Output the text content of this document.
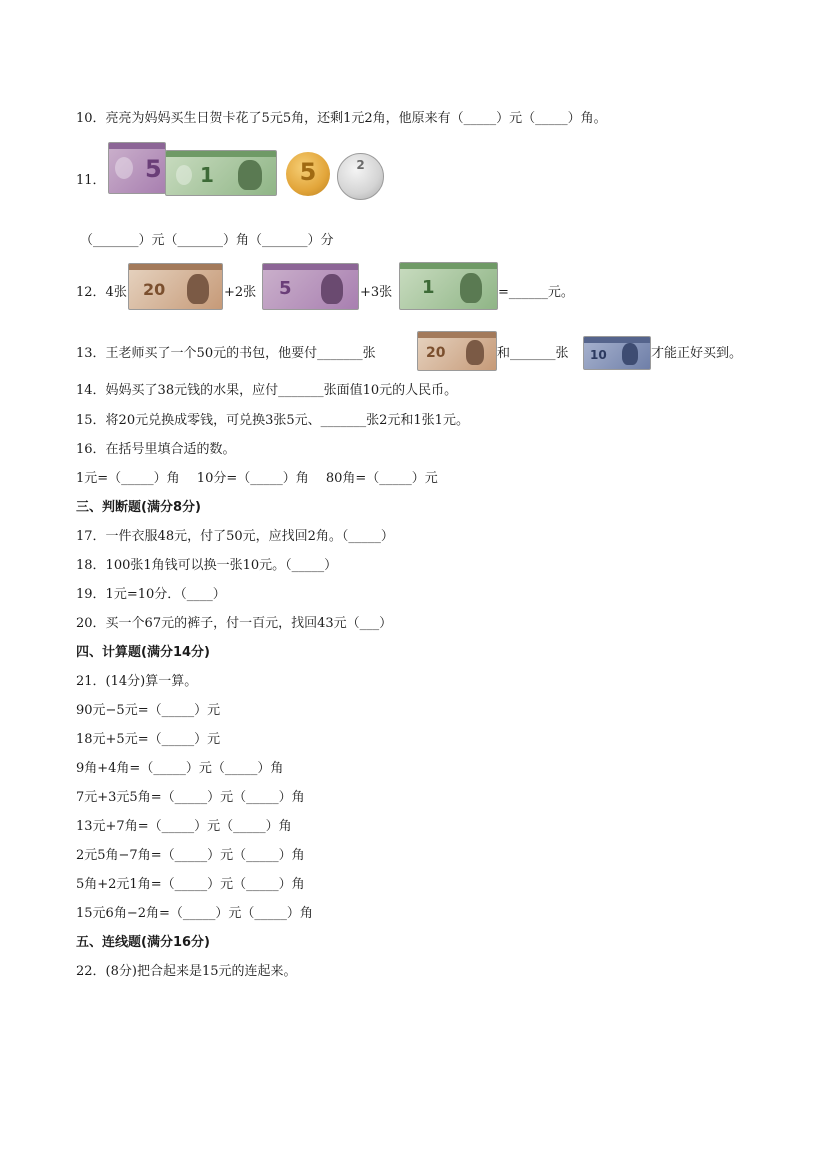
10．亮亮为妈妈买生日贺卡花了5元5角，还剩1元2角，他原来有（_____）元（_____）角。
11． 5 1	5	2
（_______）元（_______）角（_______）分
12．4张 20	+2张 5	+3张 1	=______元。
13．王老师买了一个50元的书包，他要付_______张	20	和_______张 10	才能正好买到。
14．妈妈买了38元钱的水果，应付_______张面值10元的人民币。
15．将20元兑换成零钱，可兑换3张5元、_______张2元和1张1元。
16．在括号里填合适的数。
1元=（_____）角　 10分=（_____）角　 80角=（_____）元
三、判断题(满分8分)
17．一件衣服48元，付了50元，应找回2角。（_____）
18．100张1角钱可以换一张10元。（_____）
19．1元=10分．（____）
20．买一个67元的裤子，付一百元，找回43元（___）
四、计算题(满分14分)
21．(14分)算一算。
90元−5元=（_____）元
18元+5元=（_____）元
9角+4角=（_____）元（_____）角
7元+3元5角=（_____）元（_____）角
13元+7角=（_____）元（_____）角
2元5角−7角=（_____）元（_____）角
5角+2元1角=（_____）元（_____）角
15元6角−2角=（_____）元（_____）角
五、连线题(满分16分)
22．(8分)把合起来是15元的连起来。
